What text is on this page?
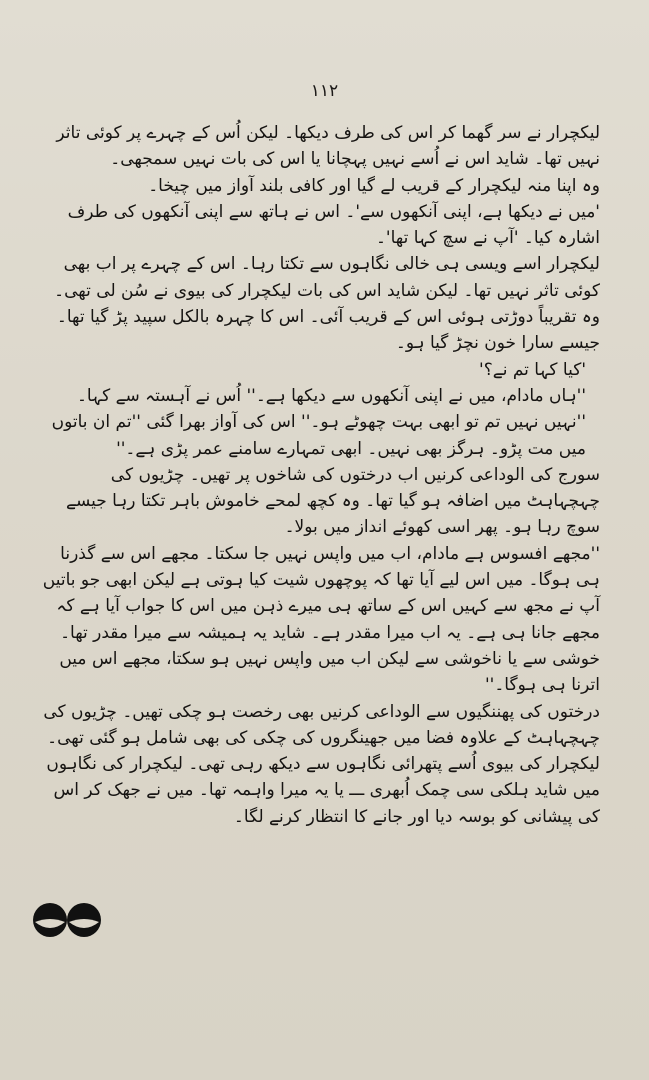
۱۱۲

لیکچرار نے سر گھما کر اس کی طرف دیکھا۔ لیکن اُس کے چہرے پر کوئی تاثر نہیں تھا۔ شاید اس نے اُسے نہیں پہچانا یا اس کی بات نہیں سمجھی۔

وہ اپنا منہ لیکچرار کے قریب لے گیا اور کافی بلند آواز میں چیخا۔

'میں نے دیکھا ہے، اپنی آنکھوں سے'۔ اس نے ہاتھ سے اپنی آنکھوں کی طرف اشارہ کیا۔ 'آپ نے سچ کہا تھا'۔

لیکچرار اسے ویسی ہی خالی نگاہوں سے تکتا رہا۔ اس کے چہرے پر اب بھی کوئی تاثر نہیں تھا۔ لیکن شاید اس کی بات لیکچرار کی بیوی نے سُن لی تھی۔ وہ تقریباً دوڑتی ہوئی اس کے قریب آئی۔ اس کا چہرہ بالکل سپید پڑ گیا تھا۔ جیسے سارا خون نچڑ گیا ہو۔

'کیا کہا تم نے؟'

''ہاں مادام، میں نے اپنی آنکھوں سے دیکھا ہے۔'' اُس نے آہستہ سے کہا۔

''نہیں نہیں تم تو ابھی بہت چھوٹے ہو۔'' اس کی آواز بھرا گئی ''تم ان باتوں میں مت پڑو۔ ہرگز بھی نہیں۔ ابھی تمہارے سامنے عمر پڑی ہے۔''

سورج کی الوداعی کرنیں اب درختوں کی شاخوں پر تھیں۔ چڑیوں کی چہچہاہٹ میں اضافہ ہو گیا تھا۔ وہ کچھ لمحے خاموش باہر تکتا رہا جیسے سوچ رہا ہو۔ پھر اسی کھوئے انداز میں بولا۔

''مجھے افسوس ہے مادام، اب میں واپس نہیں جا سکتا۔ مجھے اس سے گذرنا ہی ہوگا۔ میں اس لیے آیا تھا کہ پوچھوں شیت کیا ہوتی ہے لیکن ابھی جو باتیں آپ نے مجھ سے کہیں اس کے ساتھ ہی میرے ذہن میں اس کا جواب آیا ہے کہ مجھے جانا ہی ہے۔ یہ اب میرا مقدر ہے۔ شاید یہ ہمیشہ سے میرا مقدر تھا۔ خوشی سے یا ناخوشی سے لیکن اب میں واپس نہیں ہو سکتا، مجھے اس میں اترنا ہی ہوگا۔''

درختوں کی پھننگیوں سے الوداعی کرنیں بھی رخصت ہو چکی تھیں۔ چڑیوں کی چہچہاہٹ کے علاوہ فضا میں جھینگروں کی چکی کی بھی شامل ہو گئی تھی۔ لیکچرار کی بیوی اُسے پتھرائی نگاہوں سے دیکھ رہی تھی۔ لیکچرار کی نگاہوں میں شاید ہلکی سی چمک اُبھری ـــ یا یہ میرا واہمہ تھا۔ میں نے جھک کر اس کی پیشانی کو بوسہ دیا اور جانے کا انتظار کرنے لگا۔
